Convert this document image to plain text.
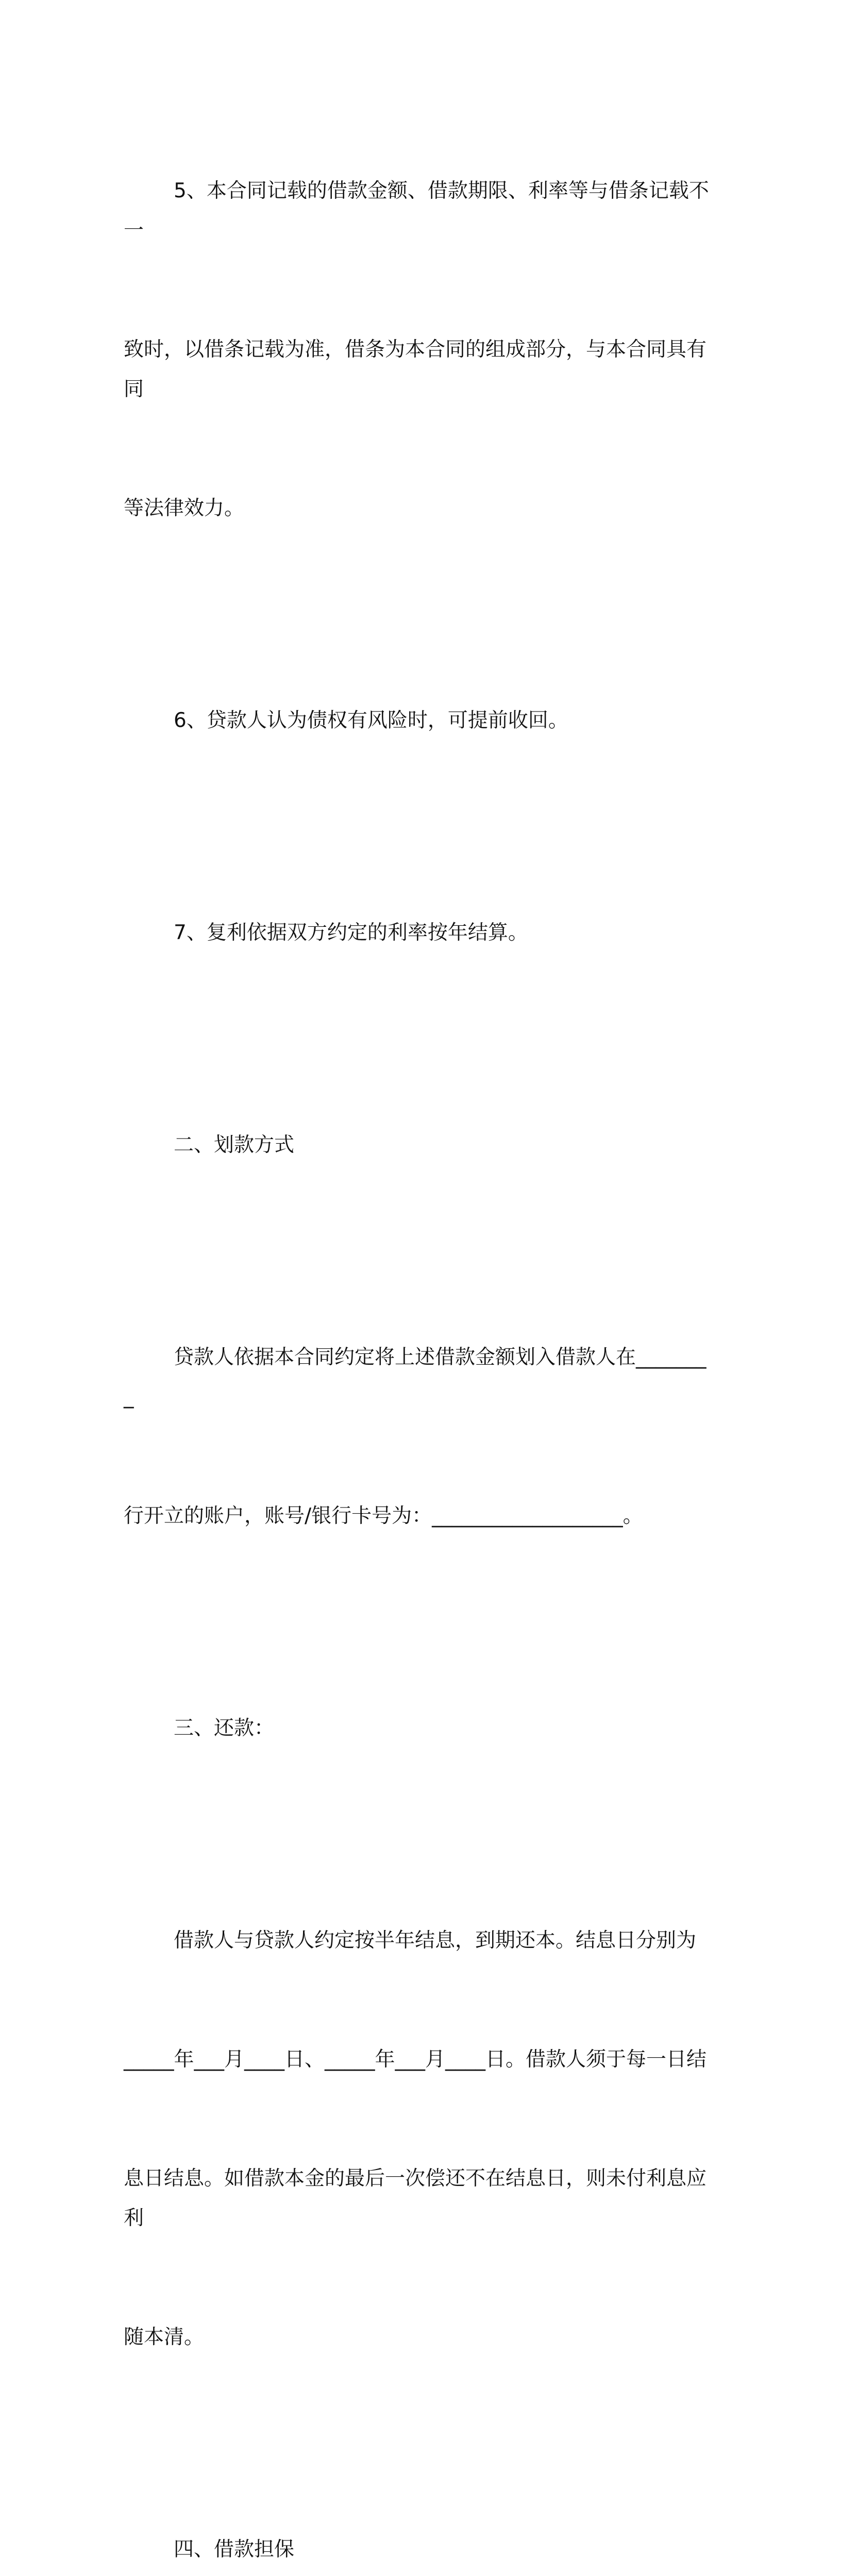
5、本合同记载的借款金额、借款期限、利率等与借条记载不一

致时，以借条记载为准，借条为本合同的组成部分，与本合同具有同

等法律效力。

6、贷款人认为债权有风险时，可提前收回。

7、复利依据双方约定的利率按年结算。

二、划款方式

贷款人依据本合同约定将上述借款金额划入借款人在________

行开立的账户，账号/银行卡号为：___________________。

三、还款：

借款人与贷款人约定按半年结息，到期还本。结息日分别为

_____年___月____日、_____年___月____日。借款人须于每一日结

息日结息。如借款本金的最后一次偿还不在结息日，则未付利息应利

随本清。

四、借款担保
